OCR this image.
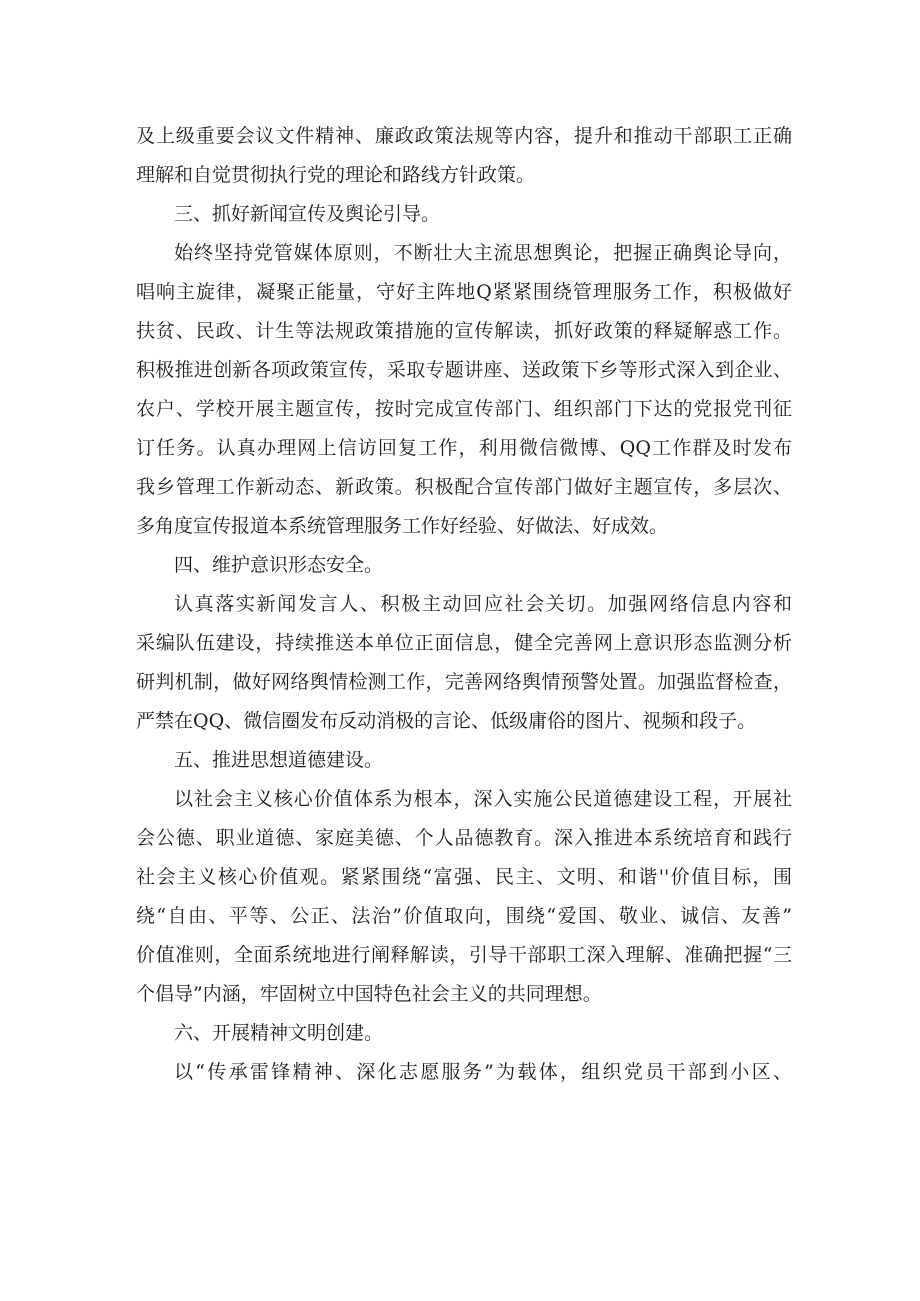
及上级重要会议文件精神、廉政政策法规等内容，提升和推动干部职工正确
理解和自觉贯彻执行党的理论和路线方针政策。
三、抓好新闻宣传及舆论引导。
始终坚持党管媒体原则，不断壮大主流思想舆论，把握正确舆论导向，
唱响主旋律，凝聚正能量，守好主阵地Q紧紧围绕管理服务工作，积极做好
扶贫、民政、计生等法规政策措施的宣传解读，抓好政策的释疑解惑工作。
积极推进创新各项政策宣传，采取专题讲座、送政策下乡等形式深入到企业、
农户、学校开展主题宣传，按时完成宣传部门、组织部门下达的党报党刊征
订任务。认真办理网上信访回复工作，利用微信微博、QQ工作群及时发布
我乡管理工作新动态、新政策。积极配合宣传部门做好主题宣传，多层次、
多角度宣传报道本系统管理服务工作好经验、好做法、好成效。
四、维护意识形态安全。
认真落实新闻发言人、积极主动回应社会关切。加强网络信息内容和
采编队伍建设，持续推送本单位正面信息，健全完善网上意识形态监测分析
研判机制，做好网络舆情检测工作，完善网络舆情预警处置。加强监督检查，
严禁在QQ、微信圈发布反动消极的言论、低级庸俗的图片、视频和段子。
五、推进思想道德建设。
以社会主义核心价值体系为根本，深入实施公民道德建设工程，开展社
会公德、职业道德、家庭美德、个人品德教育。深入推进本系统培育和践行
社会主义核心价值观。紧紧围绕“富强、民主、文明、和谐''价值目标，围
绕“自由、平等、公正、法治”价值取向，围绕“爱国、敬业、诚信、友善”
价值准则，全面系统地进行阐释解读，引导干部职工深入理解、准确把握“三
个倡导”内涵，牢固树立中国特色社会主义的共同理想。
六、开展精神文明创建。
以“传承雷锋精神、深化志愿服务”为载体，组织党员干部到小区、
